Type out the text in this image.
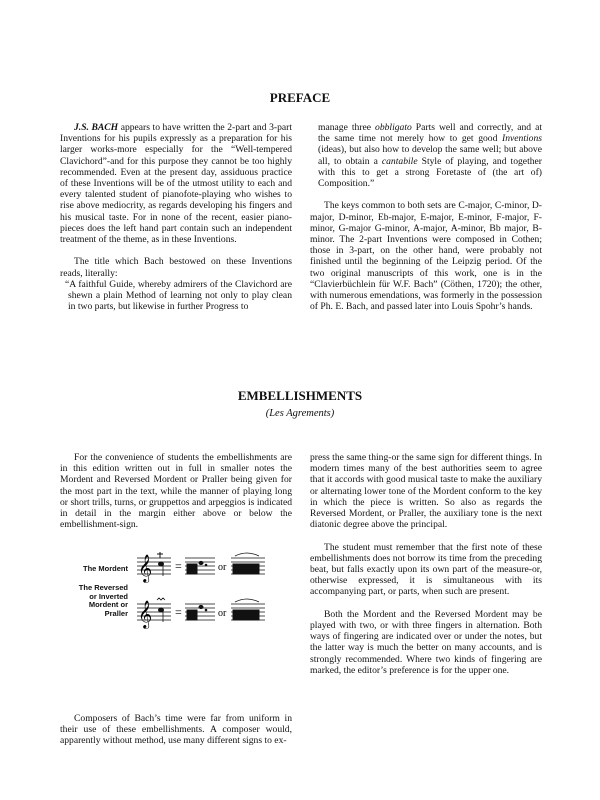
PREFACE

J.S. BACH appears to have written the 2-part and 3-part Inventions for his pupils expressly as a preparation for his larger works-more especially for the “Well-tempered Clavichord”-and for this purpose they cannot be too highly recommended. Even at the present day, assiduous practice of these Inventions will be of the utmost utility to each and every talented student of pianofote-playing who wishes to rise above mediocrity, as regards developing his fingers and his musical taste. For in none of the recent, easier piano-pieces does the left hand part contain such an independent treatment of the theme, as in these Inventions.

The title which Bach bestowed on these Inventions reads, literally:

“A faithful Guide, whereby admirers of the Clavichord are shewn a plain Method of learning not only to play clean in two parts, but likewise in further Progress to

manage three obbligato Parts well and correctly, and at the same time not merely how to get good Inventions (ideas), but also how to develop the same well; but above all, to obtain a cantabile Style of playing, and together with this to get a strong Foretaste of (the art of) Composition.”

The keys common to both sets are C-major, C-minor, D-major, D-minor, Eb-major, E-major, E-minor, F-major, F-minor, G-major G-minor, A-major, A-minor, Bb major, B-minor. The 2-part Inventions were composed in Cothen; those in 3-part, on the other hand, were probably not finished until the beginning of the Leipzig period. Of the two original manuscripts of this work, one is in the “Clavierbüchlein für W.F. Bach” (Cöthen, 1720); the other, with numerous emendations, was formerly in the possession of Ph. E. Bach, and passed later into Louis Spohr’s hands.

EMBELLISHMENTS
(Les Agrements)

For the convenience of students the embellishments are in this edition written out in full in smaller notes the Mordent and Reversed Mordent or Praller being given for the most part in the text, while the manner of playing long or short trills, turns, or gruppettos and arpeggios is indicated in detail in the margin either above or below the embellishment-sign.

The Mordent
The Reversed or Inverted Mordent or Praller
𝄞
𝄞
=
=
or
or

Composers of Bach’s time were far from uniform in their use of these embellishments. A composer would, apparently without method, use many different signs to ex-

press the same thing-or the same sign for different things. In modern times many of the best authorities seem to agree that it accords with good musical taste to make the auxiliary or alternating lower tone of the Mordent conform to the key in which the piece is written. So also as regards the Reversed Mordent, or Praller, the auxiliary tone is the next diatonic degree above the principal.

The student must remember that the first note of these embellishments does not borrow its time from the preceding beat, but falls exactly upon its own part of the measure-or, otherwise expressed, it is simultaneous with its accompanying part, or parts, when such are present.

Both the Mordent and the Reversed Mordent may be played with two, or with three fingers in alternation. Both ways of fingering are indicated over or under the notes, but the latter way is much the better on many accounts, and is strongly recommended. Where two kinds of fingering are marked, the editor’s preference is for the upper one.
